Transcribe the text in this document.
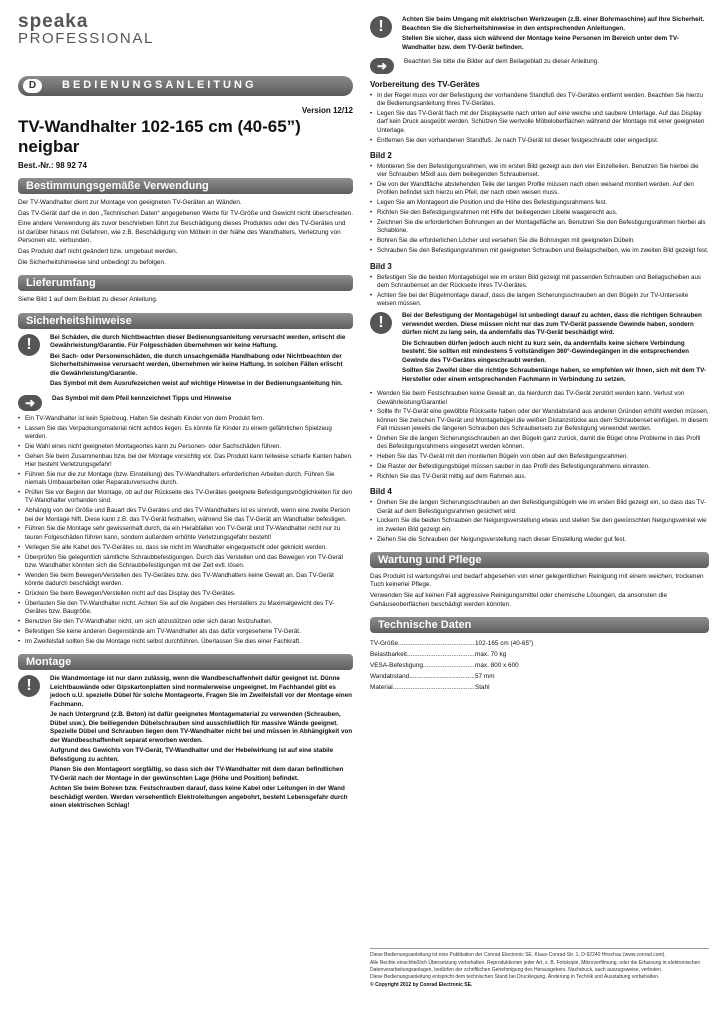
speaka
PROFESSIONAL
D	BEDIENUNGSANLEITUNG
Version 12/12
TV-Wandhalter 102-165 cm (40-65”) neigbar
Best.-Nr.: 98 92 74
Bestimmungsgemäße Verwendung

Der TV-Wandhalter dient zur Montage von geeigneten TV-Geräten an Wänden.

Das TV-Gerät darf die in den „Technischen Daten“ angegebenen Werte für TV-Größe und Gewicht nicht überschreiten.

Eine andere Verwendung als zuvor beschrieben führt zur Beschädigung dieses Produktes oder des TV-Gerätes und ist darüber hinaus mit Gefahren, wie z.B. Beschädigung von Möbeln in der Nähe des Wandhalters, Verletzung von Personen etc. verbunden.

Das Produkt darf nicht geändert bzw. umgebaut werden.

Die Sicherheitshinweise sind unbedingt zu befolgen.

Lieferumfang

Siehe Bild 1 auf dem Beiblatt zu dieser Anleitung.

Sicherheitshinweise
!	Bei Schäden, die durch Nichtbeachten dieser Bedienungsanleitung verursacht werden, erlischt die Gewährleistung/Garantie. Für Folgeschäden übernehmen wir keine Haftung.

Bei Sach- oder Personenschäden, die durch unsachgemäße Handhabung oder Nichtbeachten der Sicherheitshinweise verursacht werden, übernehmen wir keine Haftung. In solchen Fällen erlischt die Gewährleistung/Garantie.

Das Symbol mit dem Ausrufezeichen weist auf wichtige Hinweise in der Bedienungsanleitung hin.

➜	Das Symbol mit dem Pfeil kennzeichnet Tipps und Hinweise

• Ein TV-Wandhalter ist kein Spielzeug. Halten Sie deshalb Kinder von dem Produkt fern.
• Lassen Sie das Verpackungsmaterial nicht achtlos liegen. Es könnte für Kinder zu einem gefährlichen Spielzeug werden.
• Die Wahl eines nicht geeigneten Montageortes kann zu Personen- oder Sachschäden führen.
• Gehen Sie beim Zusammenbau bzw. bei der Montage vorsichtig vor. Das Produkt kann teilweise scharfe Kanten haben. Hier besteht Verletzungsgefahr!
• Führen Sie nur die zur Montage (bzw. Einstellung) des TV-Wandhalters erforderlichen Arbeiten durch. Führen Sie niemals Umbauarbeiten oder Reparaturversuche durch.
• Prüfen Sie vor Beginn der Montage, ob auf der Rückseite des TV-Gerätes geeignete Befestigungsmöglichkeiten für den TV-Wandhalter vorhanden sind.
• Abhängig von der Größe und Bauart des TV-Gerätes und des TV-Wandhalters ist es sinnvoll, wenn eine zweite Person bei der Montage hilft. Diese kann z.B. das TV-Gerät festhalten, während Sie das TV-Gerät am Wandhalter befestigen.
• Führen Sie die Montage sehr gewissenhaft durch, da ein Herabfallen von TV-Gerät und TV-Wandhalter nicht nur zu teuren Folgeschäden führen kann, sondern außerdem erhöhte Verletzungsgefahr besteht!
• Verlegen Sie alle Kabel des TV-Gerätes so, dass sie nicht im Wandhalter eingequetscht oder geknickt werden.
• Überprüfen Sie gelegentlich sämtliche Schraubbefestigungen. Durch das Verstellen und das Bewegen von TV-Gerät bzw. Wandhalter könnten sich die Schraubbefestigungen mit der Zeit evtl. lösen.
• Wenden Sie beim Bewegen/Verstellen des TV-Gerätes bzw. des TV-Wandhalters keine Gewalt an. Das TV-Gerät könnte dadurch beschädigt werden.
• Drücken Sie beim Bewegen/Verstellen nicht auf das Display des TV-Gerätes.
• Überlasten Sie den TV-Wandhalter nicht. Achten Sie auf die Angaben des Herstellers zu Maximalgewicht des TV-Gerätes bzw. Baugröße.
• Benutzen Sie den TV-Wandhalter nicht, um sich abzustützen oder sich daran festzuhalten.
• Befestigen Sie keine anderen Gegenstände am TV-Wandhalter als das dafür vorgesehene TV-Gerät.
• Im Zweifelsfall sollten Sie die Montage nicht selbst durchführen. Überlassen Sie dies einer Fachkraft.
Montage
!	Die Wandmontage ist nur dann zulässig, wenn die Wandbeschaffenheit dafür geeignet ist. Dünne Leichtbauwände oder Gipskartonplatten sind normalerweise ungeeignet. Im Fachhandel gibt es jedoch u.U. spezielle Dübel für solche Montageorte. Fragen Sie im Zweifelsfall vor der Montage einen Fachmann.

Je nach Untergrund (z.B. Beton) ist dafür geeignetes Montagematerial zu verwenden (Schrauben, Dübel usw.). Die beiliegenden Dübelschrauben sind ausschließlich für massive Wände geeignet. Spezielle Dübel und Schrauben liegen dem TV-Wandhalter nicht bei und müssen in Abhängigkeit von der Wandbeschaffenheit separat erworben werden.

Aufgrund des Gewichts von TV-Gerät, TV-Wandhalter und der Hebelwirkung ist auf eine stabile Befestigung zu achten.

Planen Sie den Montageort sorgfältig, so dass sich der TV-Wandhalter mit dem daran befindlichen TV-Gerät nach der Montage in der gewünschten Lage (Höhe und Position) befindet.

Achten Sie beim Bohren bzw. Festschrauben darauf, dass keine Kabel oder Leitungen in der Wand beschädigt werden. Werden versehentlich Elektroleitungen angebohrt, besteht Lebensgefahr durch einen elektrischen Schlag!

!	Achten Sie beim Umgang mit elektrischen Werkzeugen (z.B. einer Bohrmaschine) auf Ihre Sicherheit. Beachten Sie die Sicherheitshinweise in den entsprechenden Anleitungen.

Stellen Sie sicher, dass sich während der Montage keine Personen im Bereich unter dem TV-Wandhalter bzw. dem TV-Gerät befinden.

➜	Beachten Sie bitte die Bilder auf dem Beilageblatt zu dieser Anleitung.

Vorbereitung des TV-Gerätes
• In der Regel muss vor der Befestigung der vorhandene Standfuß des TV-Gerätes entfernt werden. Beachten Sie hierzu die Bedienungsanleitung Ihres TV-Gerätes.
• Legen Sie das TV-Gerät flach mit der Displayseite nach unten auf eine weiche und saubere Unterlage. Auf das Display darf kein Druck ausgeübt werden. Schützen Sie wertvolle Möbeloberflächen während der Montage mit einer geeigneten Unterlage.
• Entfernen Sie den vorhandenen Standfuß. Je nach TV-Gerät ist dieser festgeschraubt oder eingeclipst.
Bild 2
• Montieren Sie den Befestigungsrahmen, wie im ersten Bild gezeigt aus den vier Einzelteilen. Benutzen Sie hierbei die vier Schrauben M5x8 aus dem beiliegenden Schraubenset.
• Die von der Wandfläche abstehenden Teile der langen Profile müssen nach oben weisend montiert werden. Auf den Profilen befindet sich hierzu ein Pfeil, der nach oben weisen muss.
• Legen Sie am Montageort die Position und die Höhe des Befestigungsrahmens fest.
• Richten Sie den Befestigungsrahmen mit Hilfe der beiliegenden Libelle waagerecht aus.
• Zeichnen Sie die erforderlichen Bohrungen an der Montagefläche an. Benutzen Sie den Befestigungsrahmen hierbei als Schablone.
• Bohren Sie die erforderlichen Löcher und versehen Sie die Bohrungen mit geeigneten Dübeln.
• Schrauben Sie den Befestigungsrahmen mit geeigneten Schrauben und Beilagscheiben, wie im zweiten Bild gezeigt fest.
Bild 3
• Befestigen Sie die beiden Montagebügel wie im ersten Bild gezeigt mit passenden Schrauben und Beilagscheiben aus dem Schraubenset an der Rückseite Ihres TV-Gerätes.
• Achten Sie bei der Bügelmontage darauf, dass die langen Sicherungsschrauben an den Bügeln zur TV-Unterseite weisen müssen.
!	Bei der Befestigung der Montagebügel ist unbedingt darauf zu achten, dass die richtigen Schrauben verwendet werden. Diese müssen nicht nur das zum TV-Gerät passende Gewinde haben, sondern dürfen nicht zu lang sein, da andernfalls das TV-Gerät beschädigt wird.

Die Schrauben dürfen jedoch auch nicht zu kurz sein, da andernfalls keine sichere Verbindung besteht. Sie sollten mit mindestens 5 vollständigen 360°-Gewindegängen in die entsprechenden Gewinde des TV-Gerätes eingeschraubt werden.

Sollten Sie Zweifel über die richtige Schraubenlänge haben, so empfehlen wir Ihnen, sich mit dem TV-Hersteller oder einem entsprechenden Fachmann in Verbindung zu setzen.

• Wenden Sie beim Festschrauben keine Gewalt an, da hierdurch das TV-Gerät zerstört werden kann. Verlust von Gewährleistung/Garantie!
• Sollte Ihr TV-Gerät eine gewölbte Rückseite haben oder der Wandabstand aus anderen Gründen erhöht werden müssen, können Sie zwischen TV-Gerät und Montagebügel die weißen Distanzstücke aus dem Schraubenset einfügen. In diesem Fall müssen jeweils die längeren Schrauben des Schraubensets zur Befestigung verwendet werden.
• Drehen Sie die langen Sicherungsschrauben an den Bügeln ganz zurück, damit die Bügel ohne Probleme in das Profil des Befestigungsrahmens eingesetzt werden können.
• Heben Sie das TV-Gerät mit den montierten Bügeln von oben auf den Befestigungsrahmen.
• Die Raster der Befestigungsbügel müssen sauber in das Profil des Befestigungsrahmens einrasten.
• Richten Sie das TV-Gerät mittig auf dem Rahmen aus.
Bild 4
• Drehen Sie die langen Sicherungsschrauben an den Befestigungsbügeln wie im ersten Bild gezeigt ein, so dass das TV-Gerät auf dem Befestigungsrahmen gesichert wird.
• Lockern Sie die beiden Schrauben der Neigungsverstellung etwas und stellen Sie den gewünschten Neigungswinkel wie im zweiten Bild gezeigt ein.
• Ziehen Sie die Schrauben der Neigungsverstellung nach dieser Einstellung wieder gut fest.
Wartung und Pflege

Das Produkt ist wartungsfrei und bedarf abgesehen von einer gelegentlichen Reinigung mit einem weichen, trockenen Tuch keinerlei Pflege.

Verwenden Sie auf keinen Fall aggressive Reinigungsmittel oder chemische Lösungen, da ansonsten die Gehäuseoberflächen beschädigt werden könnten.

Technische Daten
TV-Größe .....	102-165 cm (40-65”)
Belastbarkeit .....	max. 70 kg
VESA-Befestigung .....	max. 800 x 600
Wandabstand .....	57 mm
Material .....	Stahl

Diese Bedienungsanleitung ist eine Publikation der Conrad Electronic SE, Klaus-Conrad-Str. 1, D-92240 Hirschau (www.conrad.com).

Alle Rechte einschließlich Übersetzung vorbehalten. Reproduktionen jeder Art, z. B. Fotokopie, Mikroverfilmung, oder die Erfassung in elektronischen Datenverarbeitungsanlagen, bedürfen der schriftlichen Genehmigung des Herausgebers. Nachdruck, auch auszugsweise, verboten.

Diese Bedienungsanleitung entspricht dem technischen Stand bei Drucklegung. Änderung in Technik und Ausstattung vorbehalten.

© Copyright 2012 by Conrad Electronic SE.
